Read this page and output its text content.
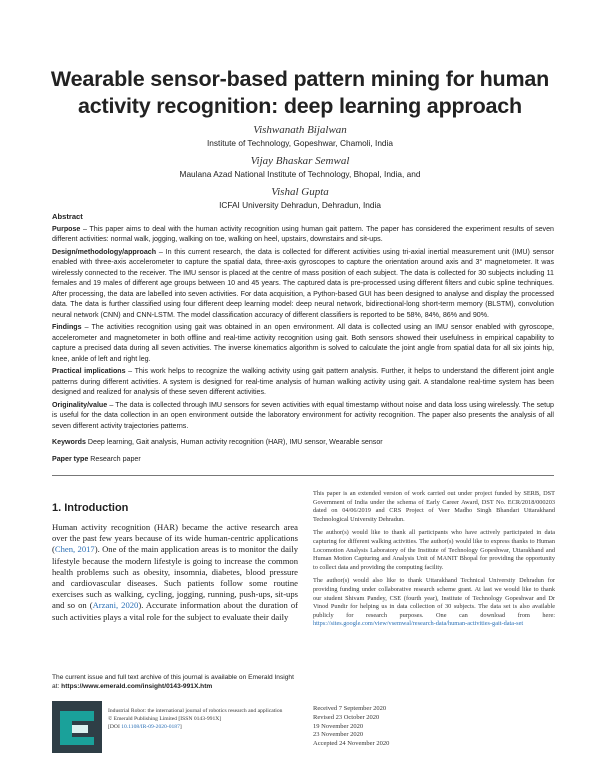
Wearable sensor-based pattern mining for human activity recognition: deep learning approach
Vishwanath Bijalwan
Institute of Technology, Gopeshwar, Chamoli, India
Vijay Bhaskar Semwal
Maulana Azad National Institute of Technology, Bhopal, India, and
Vishal Gupta
ICFAI University Dehradun, Dehradun, India
Abstract

Purpose – This paper aims to deal with the human activity recognition using human gait pattern. The paper has considered the experiment results of seven different activities: normal walk, jogging, walking on toe, walking on heel, upstairs, downstairs and sit-ups.

Design/methodology/approach – In this current research, the data is collected for different activities using tri-axial inertial measurement unit (IMU) sensor enabled with three-axis accelerometer to capture the spatial data, three-axis gyroscopes to capture the orientation around axis and 3° magnetometer. It was wirelessly connected to the receiver. The IMU sensor is placed at the centre of mass position of each subject. The data is collected for 30 subjects including 11 females and 19 males of different age groups between 10 and 45 years. The captured data is pre-processed using different filters and cubic spline techniques. After processing, the data are labelled into seven activities. For data acquisition, a Python-based GUI has been designed to analyse and display the processed data. The data is further classified using four different deep learning model: deep neural network, bidirectional-long short-term memory (BLSTM), convolution neural network (CNN) and CNN-LSTM. The model classification accuracy of different classifiers is reported to be 58%, 84%, 86% and 90%.

Findings – The activities recognition using gait was obtained in an open environment. All data is collected using an IMU sensor enabled with gyroscope, accelerometer and magnetometer in both offline and real-time activity recognition using gait. Both sensors showed their usefulness in empirical capability to capture a precised data during all seven activities. The inverse kinematics algorithm is solved to calculate the joint angle from spatial data for all six joints hip, knee, ankle of left and right leg.

Practical implications – This work helps to recognize the walking activity using gait pattern analysis. Further, it helps to understand the different joint angle patterns during different activities. A system is designed for real-time analysis of human walking activity using gait. A standalone real-time system has been designed and realized for analysis of these seven different activities.

Originality/value – The data is collected through IMU sensors for seven activities with equal timestamp without noise and data loss using wirelessly. The setup is useful for the data collection in an open environment outside the laboratory environment for activity recognition. The paper also presents the analysis of all seven different activity trajectories patterns.

Keywords Deep learning, Gait analysis, Human activity recognition (HAR), IMU sensor, Wearable sensor

Paper type Research paper

1. Introduction

Human activity recognition (HAR) became the active research area over the past few years because of its wide human-centric applications (Chen, 2017). One of the main application areas is to monitor the daily lifestyle because the modern lifestyle is going to increase the common health problems such as obesity, insomnia, diabetes, blood pressure and cardiovascular diseases. Such patients follow some routine exercises such as walking, cycling, jogging, running, push-ups, sit-ups and so on (Arzani, 2020). Accurate information about the duration of such activities plays a vital role for the subject to evaluate their daily

The current issue and full text archive of this journal is available on Emerald Insight at: https://www.emerald.com/insight/0143-991X.htm
Industrial Robot: the international journal of robotics research and application
© Emerald Publishing Limited [ISSN 0143-991X]
[DOI 10.1108/IR-09-2020-0187]

This paper is an extended version of work carried out under project funded by SERB, DST Government of India under the schema of Early Career Award, DST No. ECR/2018/000203 dated on 04/06/2019 and CRS Project of Veer Madho Singh Bhandari Uttarakhand Technological University Dehradun.

The author(s) would like to thank all participants who have actively participated in data capturing for different walking activities. The author(s) would like to express thanks to Human Locomotion Analysis Laboratory of the Institute of Technology Gopeshwar, Uttarakhand and Human Motion Capturing and Analysis Unit of MANIT Bhopal for providing the opportunity to collect data and providing the computing facility.

The author(s) would also like to thank Uttarakhand Technical University Dehradun for providing funding under collaborative research scheme grant. At last we would like to thank our student Shivam Pandey, CSE (fourth year), Institute of Technology Gopeshwar and Dr Vinod Pundir for helping us in data collection of 30 subjects. The data set is also available publicly for research purposes. One can download from here: https://sites.google.com/view/vsemwal/research-data/human-activities-gait-data-set

Received 7 September 2020
Revised 23 October 2020
19 November 2020
23 November 2020
Accepted 24 November 2020
